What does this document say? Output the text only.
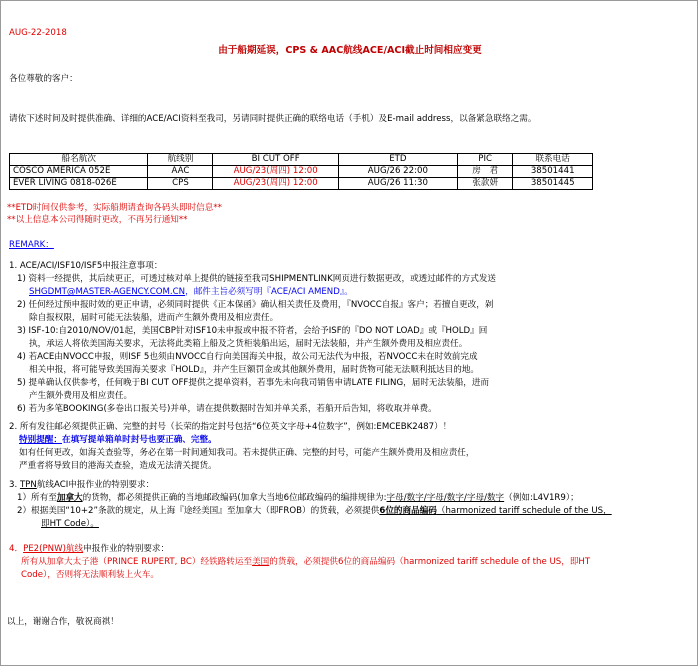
AUG-22-2018
由于船期延误，CPS & AAC航线ACE/ACI截止时间相应变更
各位尊敬的客户：
请依下述时间及时提供准确、详细的ACE/ACI资料至我司，另请同时提供正确的联络电话（手机）及E-mail address，以备紧急联络之需。
船名航次	航线别	BI CUT OFF	ETD	PIC	联系电话
COSCO AMERICA 052E	AAC	AUG/23(周四) 12:00	AUG/26 22:00	房　君	38501441
EVER LIVING 0818-026E	CPS	AUG/23(周四) 12:00	AUG/26 11:30	张款妍	38501445
**ETD时间仅供参考，实际船期请查询各码头即时信息**
**以上信息本公司得随时更改，不再另行通知**
REMARK：
1. ACE/ACI/ISF10/ISF5申报注意事项：
1) 资料一经提供，其后续更正，可透过核对单上提供的链接至我司SHIPMENTLINK网页进行数据更改，或透过邮件的方式发送
SHGDMT@MASTER-AGENCY.COM.CN，邮件主旨必须写明『ACE/ACI AMEND』。
2) 任何经过预申报时效的更正申请，必须同时提供《正本保函》确认相关责任及费用，『NVOCC自报』客户；若擅自更改，剁
除自报权限，届时可能无法装船，进而产生额外费用及相应责任。
3) ISF-10:自2010/NOV/01起，美国CBP针对ISF10未申报或申报不符者，会给予ISF的『DO NOT LOAD』或『HOLD』回
执，承运人将依美国海关要求，无法将此类箱上船及之货柜装船出运，届时无法装船，并产生额外费用及相应责任。
4) 若ACE由NVOCC申报，则ISF 5也须由NVOCC自行向美国海关申报，故公司无法代为申报，若NVOCC未在时效前完成
相关申报，将可能导致美国海关要求『HOLD』，并产生巨额罚金或其他额外费用，届时货物可能无法顺利抵达目的地。
5) 提单确认仅供参考，任何晚于BI CUT OFF提供之提单资料，若事先未向我司销售申请LATE FILING，届时无法装船，进而
产生额外费用及相应责任。
6) 若为多笔BOOKING(多卷出口报关号)并单，请在提供数据时告知并单关系，若船开后告知，将收取并单费。
2. 所有发往邮必须提供正确、完整的封号（长荣的指定封号包括“6位英文字母+4位数字”，例如:EMCEBK2487）！
特别提醒：在填写提单箱单时封号也要正确、完整。
如有任何更改，如海关查验等，务必在第一时间通知我司。若未提供正确、完整的封号，可能产生额外费用及相应责任，
严重者将导致目的港海关查验，造成无法清关提货。
3. TPN航线ACI申报作业的特别要求：
1）所有至加拿大的货物，都必须提供正确的当地邮政编码(加拿大当地6位邮政编码的编排规律为:字母/数字/字母/数字/字母/数字（例如:L4V1R9）；
2）根据美国“10+2”条款的规定，从上海『途经美国』至加拿大（即FROB）的货载，必须提供6位的商品编码（harmonized tariff schedule of the US，
即HT Code）。
4．PE2(PNW)航线申报作业的特别要求：
所有从加拿大太子港（PRINCE RUPERT, BC）经铁路转运至美国的货载，必须提供6位的商品编码（harmonized tariff schedule of the US，即HT
Code），否则将无法顺利装上火车。
以上，谢谢合作，敬祝商祺！
